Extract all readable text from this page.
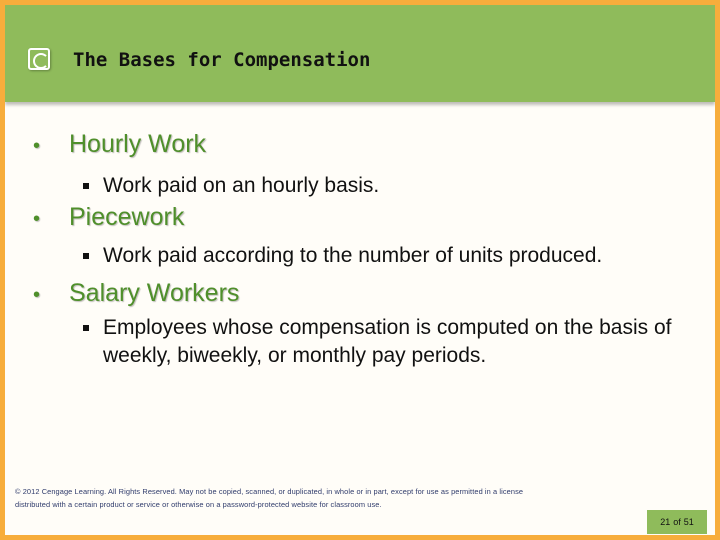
The Bases for Compensation
• Hourly Work
Work paid on an hourly basis.
• Piecework
Work paid according to the number of units produced.
• Salary Workers
Employees whose compensation is computed on the basis of weekly, biweekly, or monthly pay periods.
© 2012 Cengage Learning. All Rights Reserved. May not be copied, scanned, or duplicated, in whole or in part, except for use as permitted in a license distributed with a certain product or service or otherwise on a password-protected website for classroom use.
21 of 51
